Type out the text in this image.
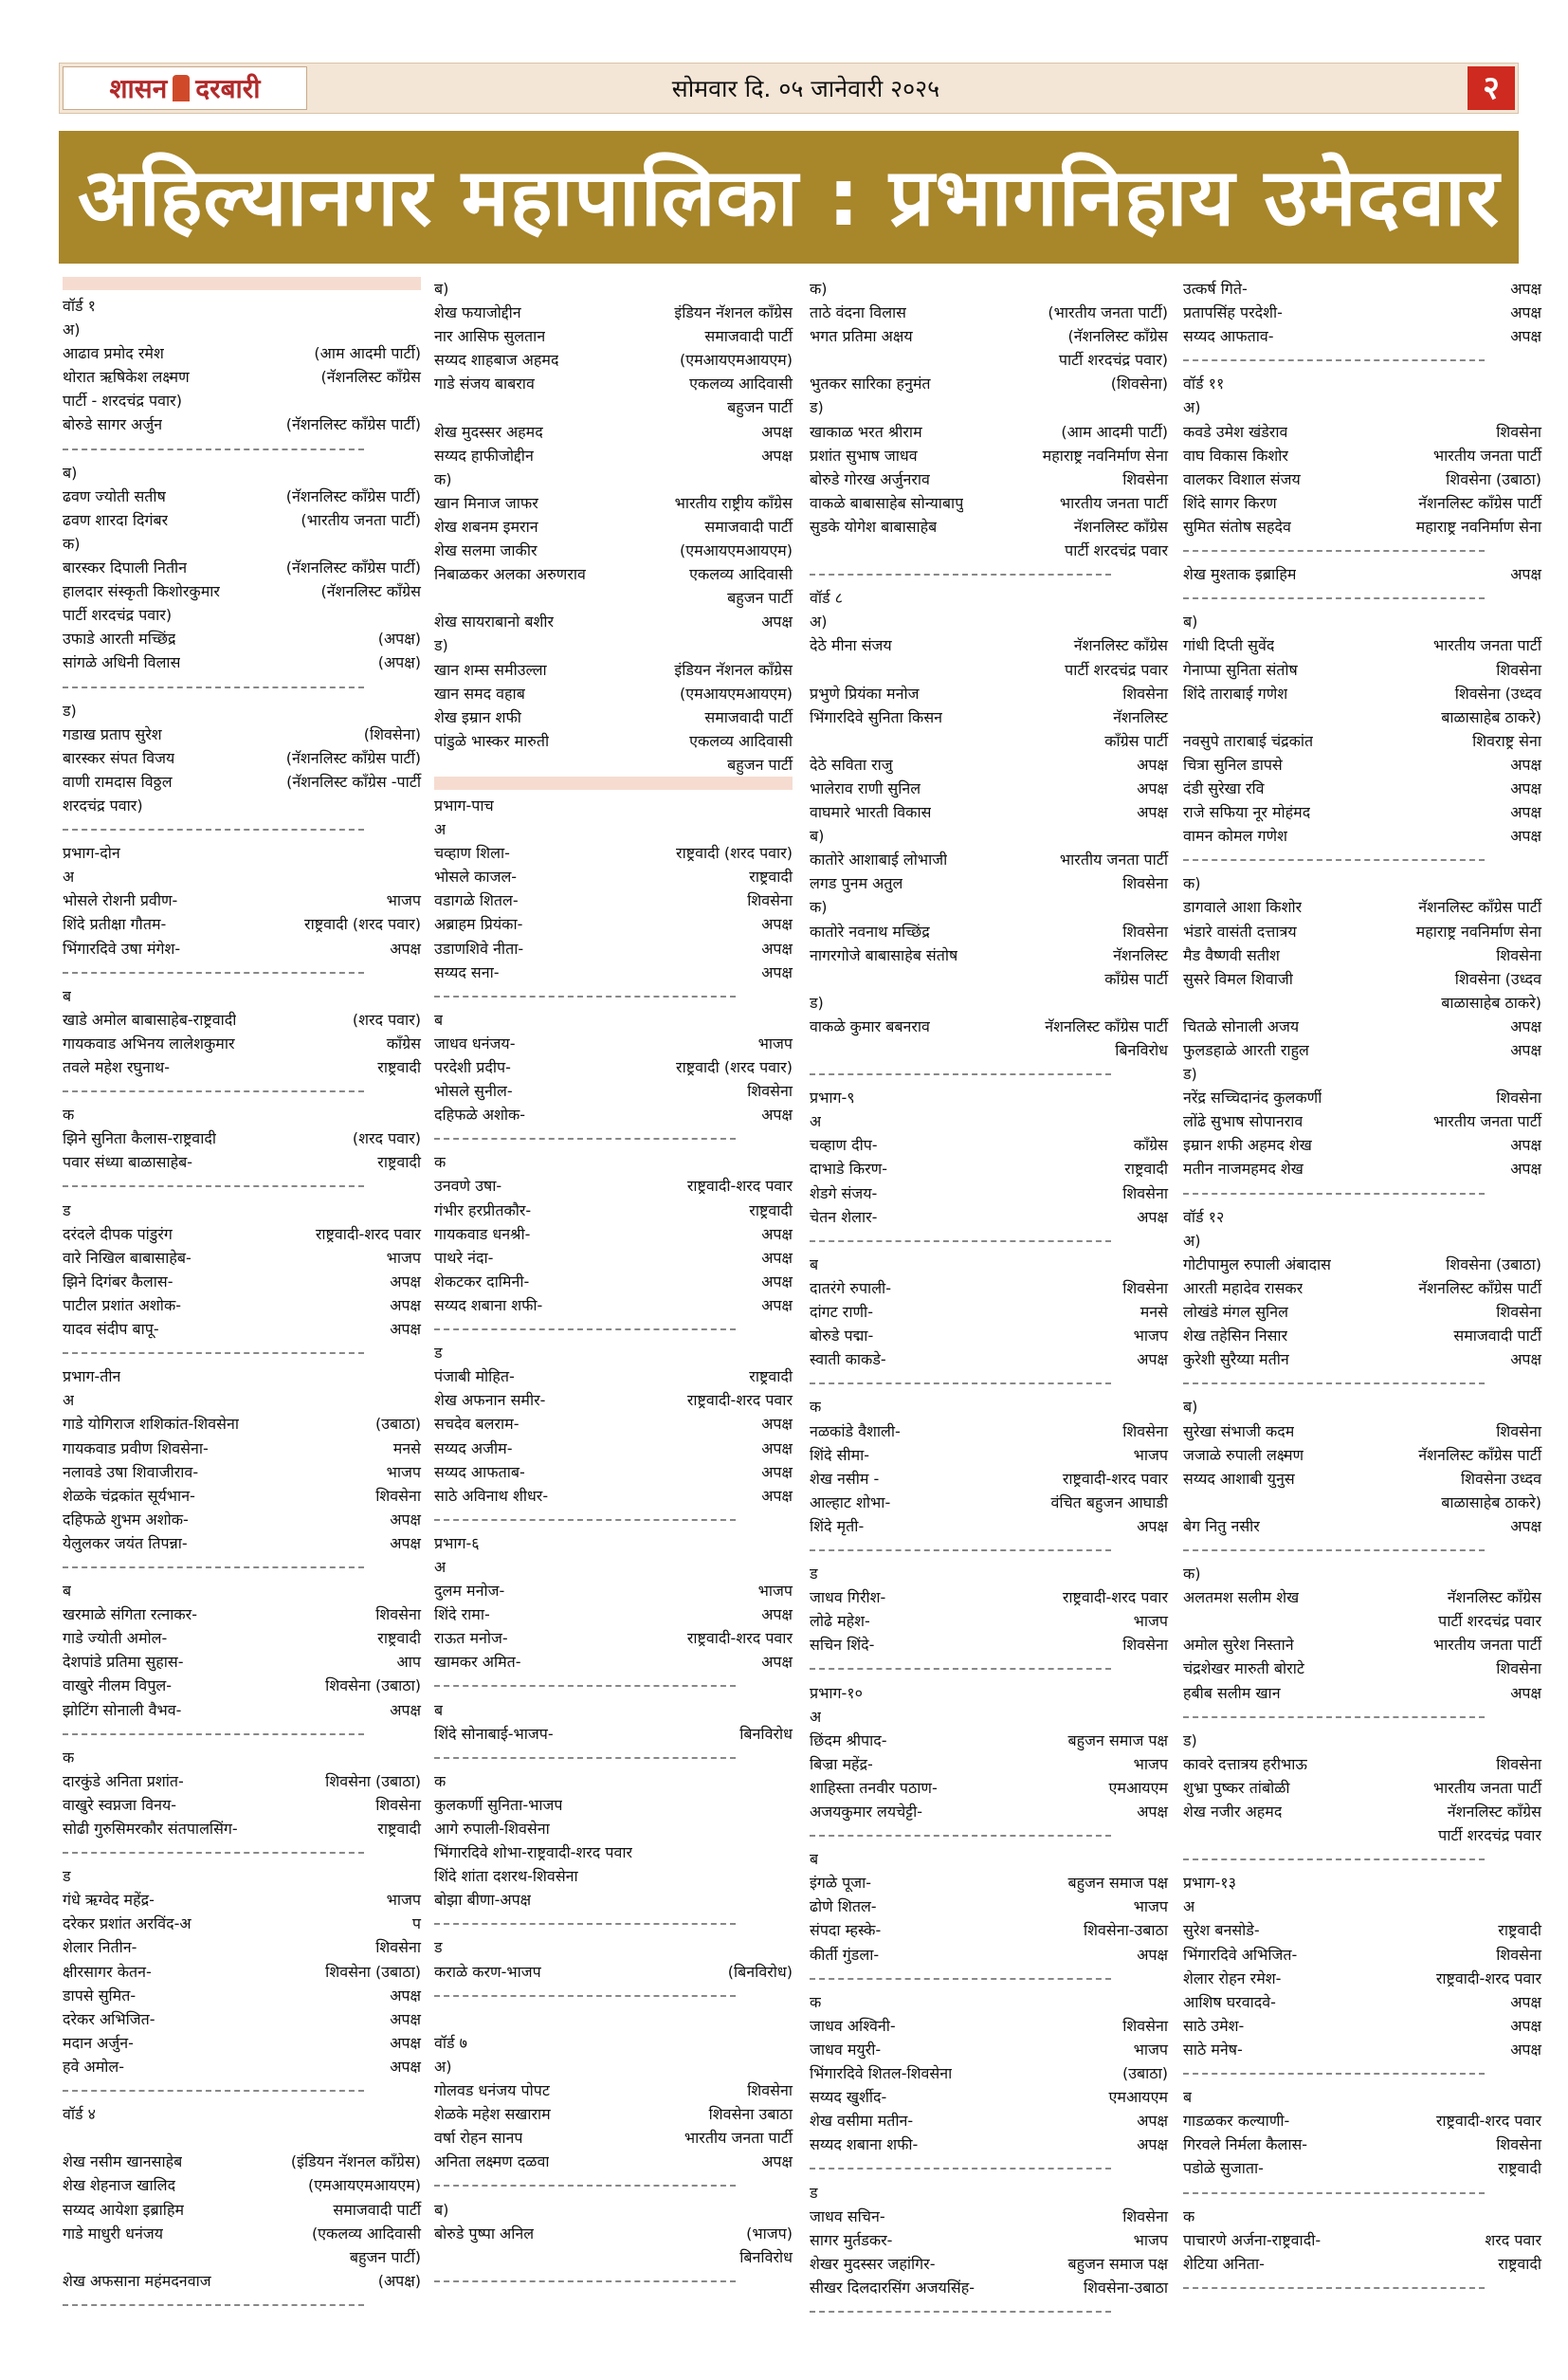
शासन दरबारी	सोमवार दि. ०५ जानेवारी २०२५	२
अहिल्यानगर महापालिका : प्रभागनिहाय उमेदवार
वॉर्ड १
अ)
आढाव प्रमोद रमेश	(आम आदमी पार्टी)
थोरात ऋषिकेश लक्ष्मण	(नॅशनलिस्ट कॉंग्रेस
पार्टी - शरदचंद्र पवार)
बोरुडे सागर अर्जुन	(नॅशनलिस्ट कॉंग्रेस पार्टी)
ब)
ढवण ज्योती सतीष	(नॅशनलिस्ट कॉंग्रेस पार्टी)
ढवण शारदा दिगंबर	(भारतीय जनता पार्टी)
क)
बारस्कर दिपाली नितीन	(नॅशनलिस्ट कॉंग्रेस पार्टी)
हालदार संस्कृती किशोरकुमार	(नॅशनलिस्ट कॉंग्रेस
पार्टी शरदचंद्र पवार)
उफाडे आरती मच्छिंद्र	(अपक्ष)
सांगळे अधिनी विलास	(अपक्ष)
ड)
गडाख प्रताप सुरेश	(शिवसेना)
बारस्कर संपत विजय	(नॅशनलिस्ट कॉंग्रेस पार्टी)
वाणी रामदास विठ्ठल	(नॅशनलिस्ट कॉंग्रेस -पार्टी
शरदचंद्र पवार)
प्रभाग-दोन
अ
भोसले रोशनी प्रवीण-	भाजप
शिंदे प्रतीक्षा गौतम-	राष्ट्रवादी (शरद पवार)
भिंगारदिवे उषा मंगेश-	अपक्ष
ब
खाडे अमोल बाबासाहेब-राष्ट्रवादी	(शरद पवार)
गायकवाड अभिनय लालेशकुमार	कॉंग्रेस
तवले महेश रघुनाथ-	राष्ट्रवादी
क
झिने सुनिता कैलास-राष्ट्रवादी	(शरद पवार)
पवार संध्या बाळासाहेब-	राष्ट्रवादी
ड
दरंदले दीपक पांडुरंग	राष्ट्रवादी-शरद पवार
वारे निखिल बाबासाहेब-	भाजप
झिने दिगंबर कैलास-	अपक्ष
पाटील प्रशांत अशोक-	अपक्ष
यादव संदीप बापू-	अपक्ष
प्रभाग-तीन
अ
गाडे योगिराज शशिकांत-शिवसेना	(उबाठा)
गायकवाड प्रवीण शिवसेना-	मनसे
नलावडे उषा शिवाजीराव-	भाजप
शेळके चंद्रकांत सूर्यभान-	शिवसेना
दहिफळे शुभम अशोक-	अपक्ष
येलुलकर जयंत तिपन्ना-	अपक्ष
ब
खरमाळे संगिता रत्नाकर-	शिवसेना
गाडे ज्योती अमोल-	राष्ट्रवादी
देशपांडे प्रतिमा सुहास-	आप
वाखुरे नीलम विपुल-	शिवसेना (उबाठा)
झोटिंग सोनाली वैभव-	अपक्ष
क
दारकुंडे अनिता प्रशांत-	शिवसेना (उबाठा)
वाखुरे स्वप्नजा विनय-	शिवसेना
सोढी गुरुसिमरकौर संतपालसिंग-	राष्ट्रवादी
ड
गंधे ऋग्वेद महेंद्र-	भाजप
दरेकर प्रशांत अरविंद-अ	प
शेलार नितीन-	शिवसेना
क्षीरसागर केतन-	शिवसेना (उबाठा)
डापसे सुमित-	अपक्ष
दरेकर अभिजित-	अपक्ष
मदान अर्जुन-	अपक्ष
हवे अमोल-	अपक्ष
वॉर्ड ४
शेख नसीम खानसाहेब	(इंडियन नॅशनल कॉंग्रेस)
शेख शेहनाज खालिद	(एमआयएमआयएम)
सय्यद आयेशा इब्राहिम	समाजवादी पार्टी
गाडे माधुरी धनंजय	(एकलव्य आदिवासी
बहुजन पार्टी)
शेख अफसाना महंमदनवाज	(अपक्ष)
ब)
शेख फयाजोद्दीन	इंडियन नॅशनल कॉंग्रेस
नार आसिफ सुलतान	समाजवादी पार्टी
सय्यद शाहबाज अहमद	(एमआयएमआयएम)
गाडे संजय बाबराव	एकलव्य आदिवासी
बहुजन पार्टी
शेख मुदस्सर अहमद	अपक्ष
सय्यद हाफीजोद्दीन	अपक्ष
क)
खान मिनाज जाफर	भारतीय राष्ट्रीय कॉंग्रेस
शेख शबनम इमरान	समाजवादी पार्टी
शेख सलमा जाकीर	(एमआयएमआयएम)
निबाळकर अलका अरुणराव	एकलव्य आदिवासी
बहुजन पार्टी
शेख सायराबानो बशीर	अपक्ष
ड)
खान शम्स समीउल्ला	इंडियन नॅशनल कॉंग्रेस
खान समद वहाब	(एमआयएमआयएम)
शेख इम्रान शफी	समाजवादी पार्टी
पांडुळे भास्कर मारुती	एकलव्य आदिवासी
बहुजन पार्टी
प्रभाग-पाच
अ
चव्हाण शिला-	राष्ट्रवादी (शरद पवार)
भोसले काजल-	राष्ट्रवादी
वडागळे शितल-	शिवसेना
अब्राहम प्रियंका-	अपक्ष
उडाणशिवे नीता-	अपक्ष
सय्यद सना-	अपक्ष
ब
जाधव धनंजय-	भाजप
परदेशी प्रदीप-	राष्ट्रवादी (शरद पवार)
भोसले सुनील-	शिवसेना
दहिफळे अशोक-	अपक्ष
क
उनवणे उषा-	राष्ट्रवादी-शरद पवार
गंभीर हरप्रीतकौर-	राष्ट्रवादी
गायकवाड धनश्री-	अपक्ष
पाथरे नंदा-	अपक्ष
शेकटकर दामिनी-	अपक्ष
सय्यद शबाना शफी-	अपक्ष
ड
पंजाबी मोहित-	राष्ट्रवादी
शेख अफनान समीर-	राष्ट्रवादी-शरद पवार
सचदेव बलराम-	अपक्ष
सय्यद अजीम-	अपक्ष
सय्यद आफताब-	अपक्ष
साठे अविनाथ शीधर-	अपक्ष
प्रभाग-६
अ
दुलम मनोज-	भाजप
शिंदे रामा-	अपक्ष
राऊत मनोज-	राष्ट्रवादी-शरद पवार
खामकर अमित-	अपक्ष
ब
शिंदे सोनाबाई-भाजप-	बिनविरोध
क
कुलकर्णी सुनिता-भाजप
आगे रुपाली-शिवसेना
भिंगारदिवे शोभा-राष्ट्रवादी-शरद पवार
शिंदे शांता दशरथ-शिवसेना
बोझा बीणा-अपक्ष
ड
कराळे करण-भाजप	(बिनविरोध)
वॉर्ड ७
अ)
गोलवड धनंजय पोपट	शिवसेना
शेळके महेश सखाराम	शिवसेना उबाठा
वर्षा रोहन सानप	भारतीय जनता पार्टी
अनिता लक्ष्मण दळवा	अपक्ष
ब)
बोरुडे पुष्पा अनिल	(भाजप)
बिनविरोध
क)
ताठे वंदना विलास	(भारतीय जनता पार्टी)
भगत प्रतिमा अक्षय	(नॅशनलिस्ट कॉंग्रेस
पार्टी शरदचंद्र पवार)
भुतकर सारिका हनुमंत	(शिवसेना)
ड)
खाकाळ भरत श्रीराम	(आम आदमी पार्टी)
प्रशांत सुभाष जाधव	महाराष्ट्र नवनिर्माण सेना
बोरुडे गोरख अर्जुनराव	शिवसेना
वाकळे बाबासाहेब सोन्याबापु	भारतीय जनता पार्टी
सुडके योगेश बाबासाहेब	नॅशनलिस्ट कॉंग्रेस
पार्टी शरदचंद्र पवार
वॉर्ड ८
अ)
देठे मीना संजय	नॅशनलिस्ट कॉंग्रेस
पार्टी शरदचंद्र पवार
प्रभुणे प्रियंका मनोज	शिवसेना
भिंगारदिवे सुनिता किसन	नॅशनलिस्ट
कॉंग्रेस पार्टी
देठे सविता राजु	अपक्ष
भालेराव राणी सुनिल	अपक्ष
वाघमारे भारती विकास	अपक्ष
ब)
कातोरे आशाबाई लोभाजी	भारतीय जनता पार्टी
लगड पुनम अतुल	शिवसेना
क)
कातोरे नवनाथ मच्छिंद्र	शिवसेना
नागरगोजे बाबासाहेब संतोष	नॅशनलिस्ट
कॉंग्रेस पार्टी
ड)
वाकळे कुमार बबनराव	नॅशनलिस्ट कॉंग्रेस पार्टी
बिनविरोध
प्रभाग-९
अ
चव्हाण दीप-	कॉंग्रेस
दाभाडे किरण-	राष्ट्रवादी
शेडगे संजय-	शिवसेना
चेतन शेलार-	अपक्ष
ब
दातरंगे रुपाली-	शिवसेना
दांगट राणी-	मनसे
बोरुडे पद्मा-	भाजप
स्वाती काकडे-	अपक्ष
क
नळकांडे वैशाली-	शिवसेना
शिंदे सीमा-	भाजप
शेख नसीम -	राष्ट्रवादी-शरद पवार
आल्हाट शोभा-	वंचित बहुजन आघाडी
शिंदे मृती-	अपक्ष
ड
जाधव गिरीश-	राष्ट्रवादी-शरद पवार
लोढे महेश-	भाजप
सचिन शिंदे-	शिवसेना
प्रभाग-१०
अ
छिंदम श्रीपाद-	बहुजन समाज पक्ष
बिज्रा महेंद्र-	भाजप
शाहिस्ता तनवीर पठाण-	एमआयएम
अजयकुमार लयचेट्टी-	अपक्ष
ब
इंगळे पूजा-	बहुजन समाज पक्ष
ढोणे शितल-	भाजप
संपदा म्हस्के-	शिवसेना-उबाठा
कीर्ती गुंडला-	अपक्ष
क
जाधव अश्विनी-	शिवसेना
जाधव मयुरी-	भाजप
भिंगारदिवे शितल-शिवसेना	(उबाठा)
सय्यद खुर्शीद-	एमआयएम
शेख वसीमा मतीन-	अपक्ष
सय्यद शबाना शफी-	अपक्ष
ड
जाधव सचिन-	शिवसेना
सागर मुर्तडकर-	भाजप
शेखर मुदस्सर जहांगिर-	बहुजन समाज पक्ष
सीखर दिलदारसिंग अजयसिंह-	शिवसेना-उबाठा
उत्कर्ष गिते-	अपक्ष
प्रतापसिंह परदेशी-	अपक्ष
सय्यद आफताव-	अपक्ष
वॉर्ड ११
अ)
कवडे उमेश खंडेराव	शिवसेना
वाघ विकास किशोर	भारतीय जनता पार्टी
वालकर विशाल संजय	शिवसेना (उबाठा)
शिंदे सागर किरण	नॅशनलिस्ट कॉंग्रेस पार्टी
सुमित संतोष सहदेव	महाराष्ट्र नवनिर्माण सेना
शेख मुश्ताक इब्राहिम	अपक्ष
ब)
गांधी दिप्ती सुवेंद	भारतीय जनता पार्टी
गेनाप्पा सुनिता संतोष	शिवसेना
शिंदे ताराबाई गणेश	शिवसेना (उध्दव
बाळासाहेब ठाकरे)
नवसुपे ताराबाई चंद्रकांत	शिवराष्ट्र सेना
चित्रा सुनिल डापसे	अपक्ष
दंडी सुरेखा रवि	अपक्ष
राजे सफिया नूर मोहंमद	अपक्ष
वामन कोमल गणेश	अपक्ष
क)
डागवाले आशा किशोर	नॅशनलिस्ट कॉंग्रेस पार्टी
भंडारे वासंती दत्तात्रय	महाराष्ट्र नवनिर्माण सेना
मैड वैष्णवी सतीश	शिवसेना
सुसरे विमल शिवाजी	शिवसेना (उध्दव
बाळासाहेब ठाकरे)
चितळे सोनाली अजय	अपक्ष
फुलडहाळे आरती राहुल	अपक्ष
ड)
नरेंद्र सच्चिदानंद कुलकर्णी	शिवसेना
लोंढे सुभाष सोपानराव	भारतीय जनता पार्टी
इम्रान शफी अहमद शेख	अपक्ष
मतीन नाजमहमद शेख	अपक्ष
वॉर्ड १२
अ)
गोटीपामुल रुपाली अंबादास	शिवसेना (उबाठा)
आरती महादेव रासकर	नॅशनलिस्ट कॉंग्रेस पार्टी
लोखंडे मंगल सुनिल	शिवसेना
शेख तहेसिन निसार	समाजवादी पार्टी
कुरेशी सुरैय्या मतीन	अपक्ष
ब)
सुरेखा संभाजी कदम	शिवसेना
जजाळे रुपाली लक्ष्मण	नॅशनलिस्ट कॉंग्रेस पार्टी
सय्यद आशाबी युनुस	शिवसेना उध्दव
बाळासाहेब ठाकरे)
बेग नितु नसीर	अपक्ष
क)
अलतमश सलीम शेख	नॅशनलिस्ट कॉंग्रेस
पार्टी शरदचंद्र पवार
अमोल सुरेश निस्ताने	भारतीय जनता पार्टी
चंद्रशेखर मारुती बोराटे	शिवसेना
हबीब सलीम खान	अपक्ष
ड)
कावरे दत्तात्रय हरीभाऊ	शिवसेना
शुभ्रा पुष्कर तांबोळी	भारतीय जनता पार्टी
शेख नजीर अहमद	नॅशनलिस्ट कॉंग्रेस
पार्टी शरदचंद्र पवार
प्रभाग-१३
अ
सुरेश बनसोडे-	राष्ट्रवादी
भिंगारदिवे अभिजित-	शिवसेना
शेलार रोहन रमेश-	राष्ट्रवादी-शरद पवार
आशिष घरवादवे-	अपक्ष
साठे उमेश-	अपक्ष
साठे मनेष-	अपक्ष
ब
गाडळकर कल्याणी-	राष्ट्रवादी-शरद पवार
गिरवले निर्मला कैलास-	शिवसेना
पडोळे सुजाता-	राष्ट्रवादी
क
पाचारणे अर्जना-राष्ट्रवादी-	शरद पवार
शेटिया अनिता-	राष्ट्रवादी
